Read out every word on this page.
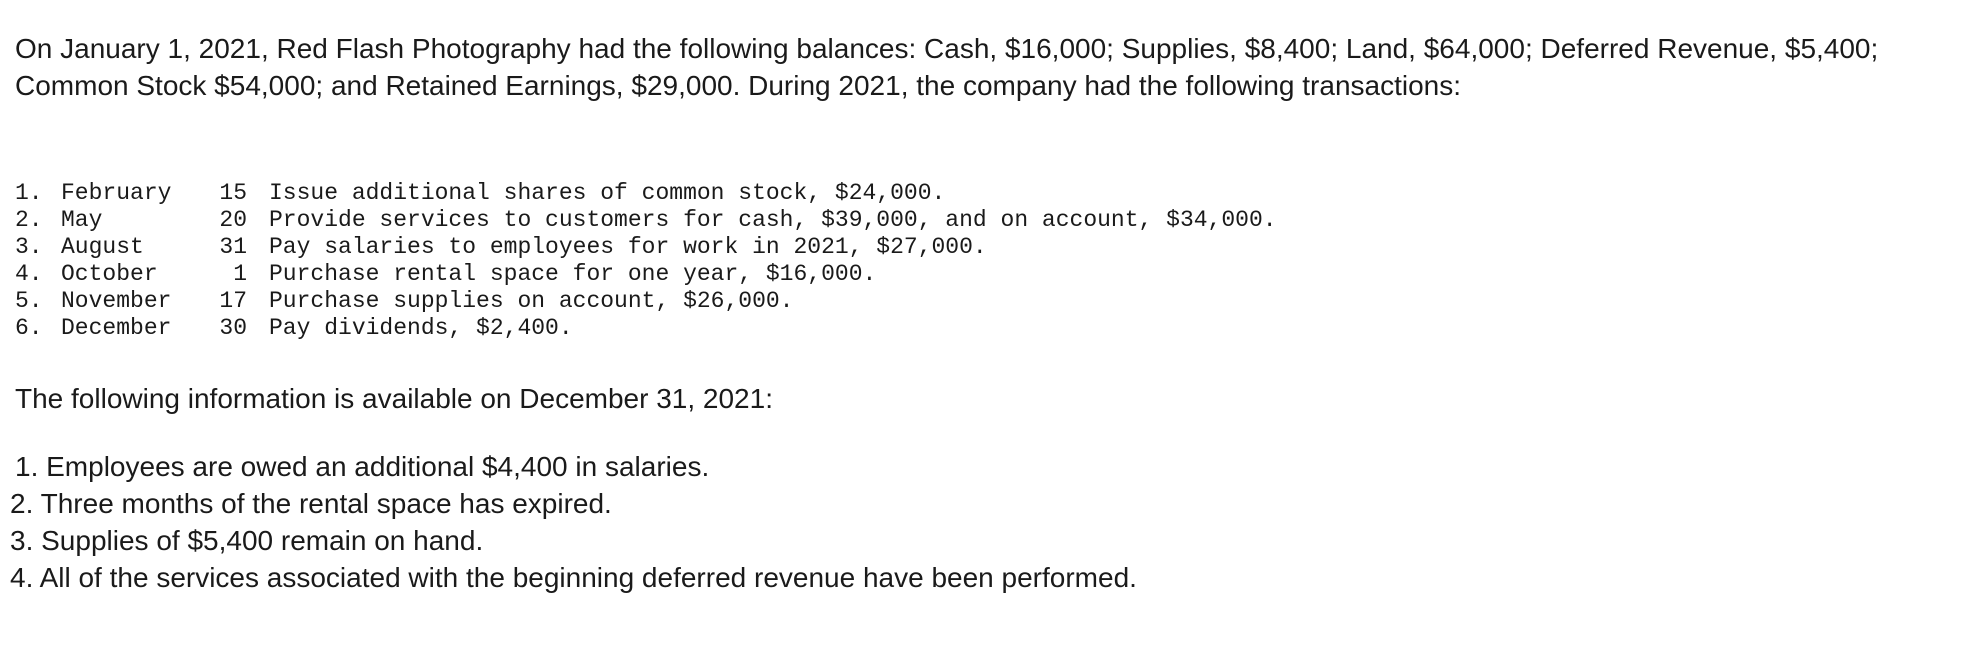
On January 1, 2021, Red Flash Photography had the following balances: Cash, $16,000; Supplies, $8,400; Land, $64,000; Deferred Revenue, $5,400; Common Stock $54,000; and Retained Earnings, $29,000. During 2021, the company had the following transactions:

1. February	15 Issue additional shares of common stock, $24,000.
2. May	20 Provide services to customers for cash, $39,000, and on account, $34,000.
3. August	31 Pay salaries to employees for work in 2021, $27,000.
4. October	1 Purchase rental space for one year, $16,000.
5. November	17 Purchase supplies on account, $26,000.
6. December	30 Pay dividends, $2,400.

The following information is available on December 31, 2021:

1. Employees are owed an additional $4,400 in salaries.
2. Three months of the rental space has expired.
3. Supplies of $5,400 remain on hand.
4. All of the services associated with the beginning deferred revenue have been performed.
